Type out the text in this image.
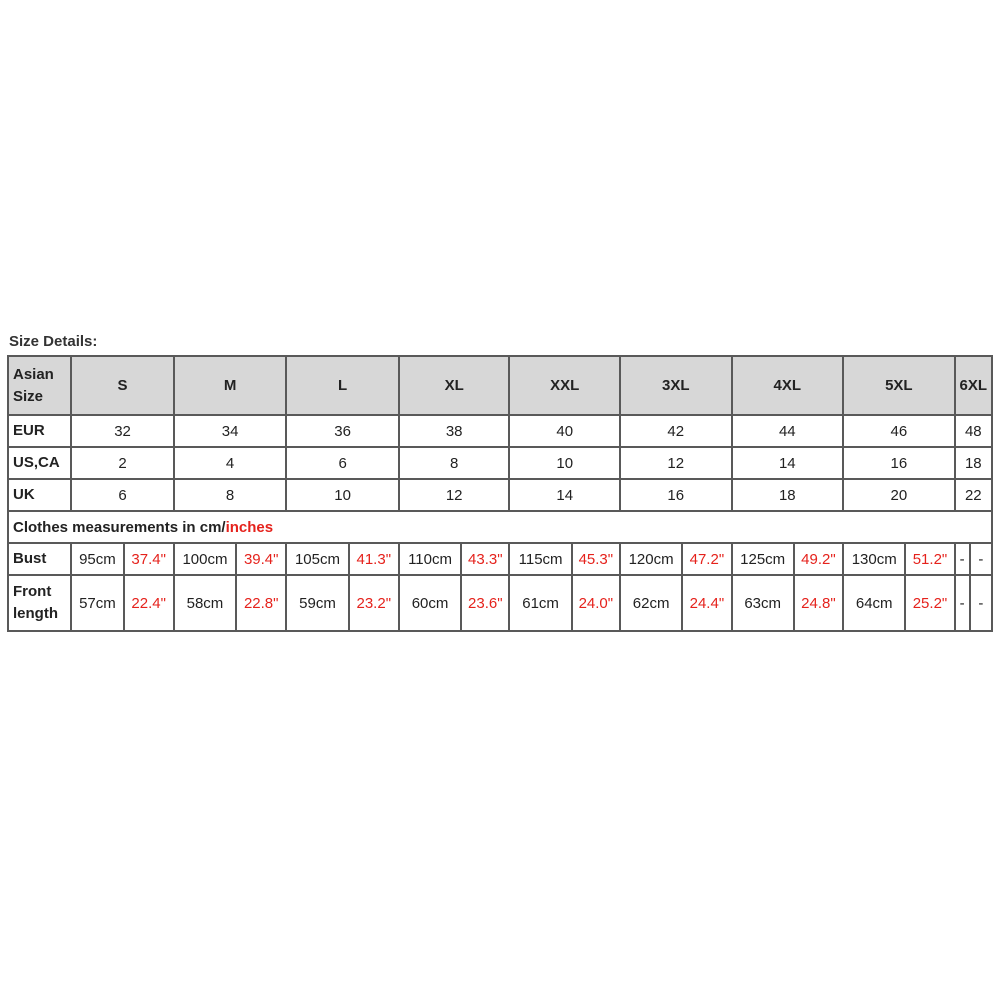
Size Details:
Asian Size	S		M		L		XL		XXL		3XL		4XL		5XL		6XL	
EUR	32		34		36		38		40		42		44		46		48	
US,CA	2		4		6		8		10		12		14		16		18	
UK	6		8		10		12		14		16		18		20		22	
Clothes measurements in cm/inches																		
Bust	95cm	37.4"	100cm	39.4"	105cm	41.3"	110cm	43.3"	115cm	45.3"	120cm	47.2"	125cm	49.2"	130cm	51.2"	-	-
Front length	57cm	22.4"	58cm	22.8"	59cm	23.2"	60cm	23.6"	61cm	24.0"	62cm	24.4"	63cm	24.8"	64cm	25.2"	-	-
